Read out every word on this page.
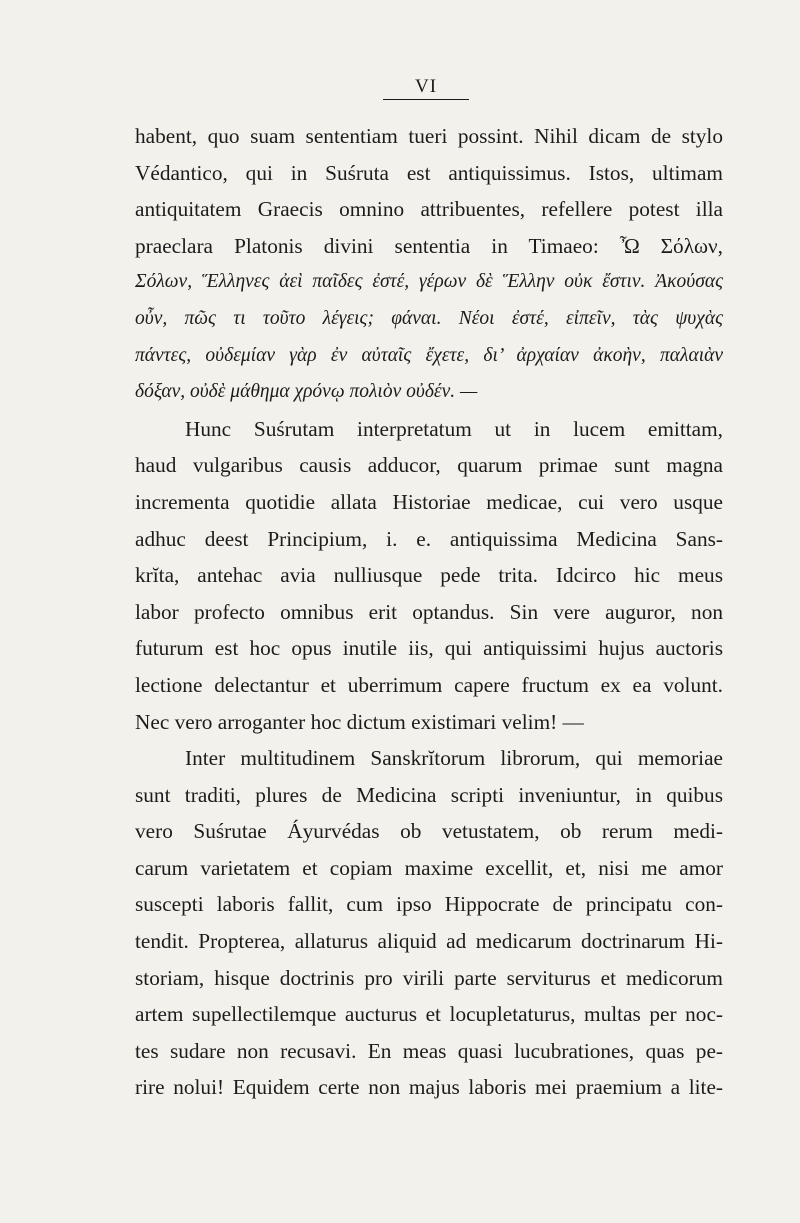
VI
habent, quo suam sententiam tueri possint. Nihil dicam de stylo
Védantico, qui in Suśruta est antiquissimus. Istos, ultimam
antiquitatem Graecis omnino attribuentes, refellere potest illa
praeclara Platonis divini sententia in Timaeo: Ὦ Σόλων,
Σόλων, Ἕλληνες ἀεὶ παῖδες ἐστέ, γέρων δὲ Ἕλλην οὐκ ἔστιν. Ἀκούσας
οὖν, πῶς τι τοῦτο λέγεις; φάναι. Νέοι ἐστέ, εἰπεῖν, τὰς ψυχὰς
πάντες, οὐδεμίαν γὰρ ἐν αὐταῖς ἔχετε, δι’ ἀρχαίαν ἀκοὴν, παλαιὰν
δόξαν, οὐδὲ μάθημα χρόνῳ πολιὸν οὐδέν. —
Hunc Suśrutam interpretatum ut in lucem emittam,
haud vulgaribus causis adducor, quarum primae sunt magna
incrementa quotidie allata Historiae medicae, cui vero usque
adhuc deest Principium, i. e. antiquissima Medicina Sans-
krĭta, antehac avia nulliusque pede trita. Idcirco hic meus
labor profecto omnibus erit optandus. Sin vere auguror, non
futurum est hoc opus inutile iis, qui antiquissimi hujus auctoris
lectione delectantur et uberrimum capere fructum ex ea volunt.
Nec vero arroganter hoc dictum existimari velim! —
Inter multitudinem Sanskrĭtorum librorum, qui memoriae
sunt traditi, plures de Medicina scripti inveniuntur, in quibus
vero Suśrutae Áyurvédas ob vetustatem, ob rerum medi-
carum varietatem et copiam maxime excellit, et, nisi me amor
suscepti laboris fallit, cum ipso Hippocrate de principatu con-
tendit. Propterea, allaturus aliquid ad medicarum doctrinarum Hi-
storiam, hisque doctrinis pro virili parte serviturus et medicorum
artem supellectilemque aucturus et locupletaturus, multas per noc-
tes sudare non recusavi. En meas quasi lucubrationes, quas pe-
rire nolui! Equidem certe non majus laboris mei praemium a lite-
